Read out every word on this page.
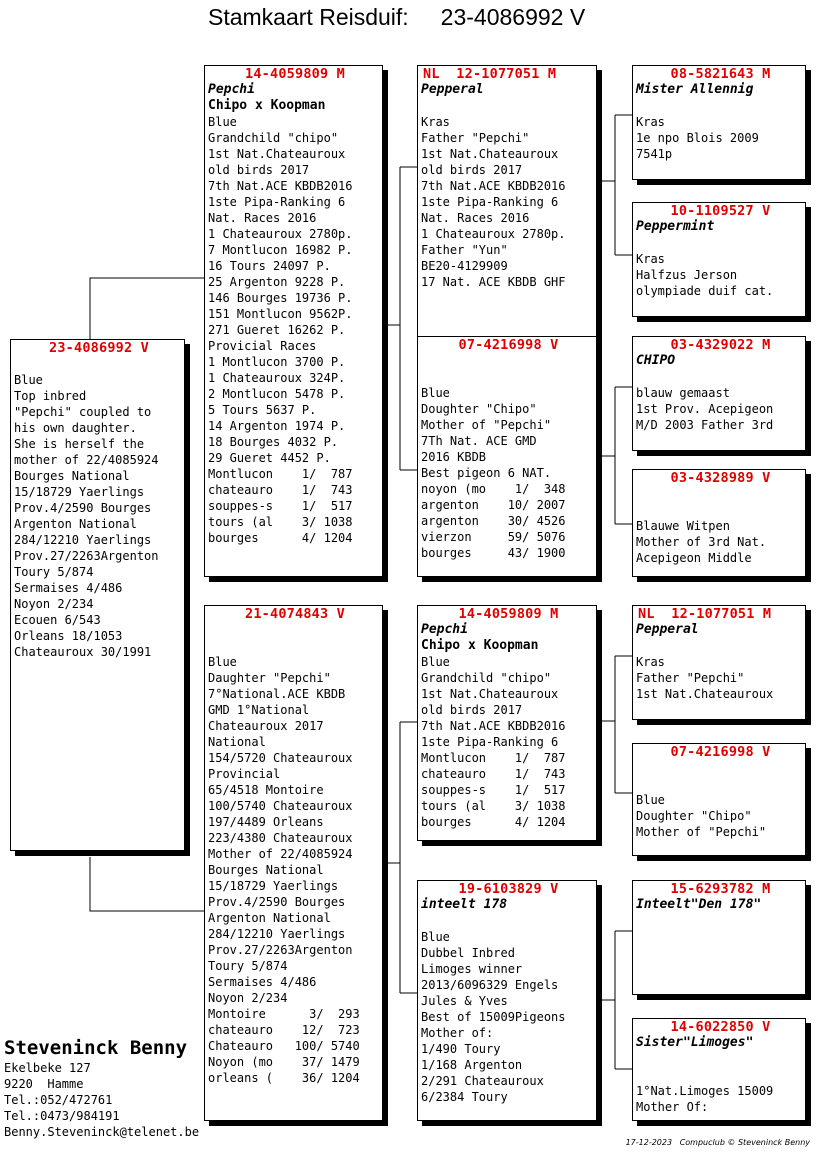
Stamkaart Reisduif: 23-4086992 V
23-4086992 V
Blue
Top inbred
"Pepchi" coupled to
his own daughter.
She is herself the
mother of 22/4085924
Bourges National
15/18729 Yaerlings
Prov.4/2590 Bourges
Argenton National
284/12210 Yaerlings
Prov.27/2263Argenton
Toury 5/874
Sermaises 4/486
Noyon 2/234
Ecouen 6/543
Orleans 18/1053
Chateauroux 30/1991
14-4059809 M
Pepchi
Chipo x Koopman
Blue
Grandchild "chipo"
1st Nat.Chateauroux
old birds 2017
7th Nat.ACE KBDB2016
1ste Pipa-Ranking 6
Nat. Races 2016
1 Chateauroux 2780p.
7 Montlucon 16982 P.
16 Tours 24097 P.
25 Argenton 9228 P.
146 Bourges 19736 P.
151 Montlucon 9562P.
271 Gueret 16262 P.
Provicial Races
1 Montlucon 3700 P.
1 Chateauroux 324P.
2 Montlucon 5478 P.
5 Tours 5637 P.
14 Argenton 1974 P.
18 Bourges 4032 P.
29 Gueret 4452 P.
Montlucon    1/  787
chateauro    1/  743
souppes-s    1/  517
tours (al    3/ 1038
bourges      4/ 1204
21-4074843 V
Blue
Daughter "Pepchi"
7°National.ACE KBDB
GMD 1°National
Chateauroux 2017
National
154/5720 Chateauroux
Provincial
65/4518 Montoire
100/5740 Chateauroux
197/4489 Orleans
223/4380 Chateauroux
Mother of 22/4085924
Bourges National
15/18729 Yaerlings
Prov.4/2590 Bourges
Argenton National
284/12210 Yaerlings
Prov.27/2263Argenton
Toury 5/874
Sermaises 4/486
Noyon 2/234
Montoire      3/  293
chateauro    12/  723
Chateauro   100/ 5740
Noyon (mo    37/ 1479
orleans (    36/ 1204
NL  12-1077051 M
Pepperal
Kras
Father "Pepchi"
1st Nat.Chateauroux
old birds 2017
7th Nat.ACE KBDB2016
1ste Pipa-Ranking 6
Nat. Races 2016
1 Chateauroux 2780p.
Father "Yun"
BE20-4129909
17 Nat. ACE KBDB GHF
07-4216998 V
Blue
Doughter "Chipo"
Mother of "Pepchi"
7Th Nat. ACE GMD
2016 KBDB
Best pigeon 6 NAT.
noyon (mo    1/  348
argenton    10/ 2007
argenton    30/ 4526
vierzon     59/ 5076
bourges     43/ 1900
14-4059809 M
Pepchi
Chipo x Koopman
Blue
Grandchild "chipo"
1st Nat.Chateauroux
old birds 2017
7th Nat.ACE KBDB2016
1ste Pipa-Ranking 6
Montlucon    1/  787
chateauro    1/  743
souppes-s    1/  517
tours (al    3/ 1038
bourges      4/ 1204
19-6103829 V
inteelt 178
Blue
Dubbel Inbred
Limoges winner
2013/6096329 Engels
Jules & Yves
Best of 15009Pigeons
Mother of:
1/490 Toury
1/168 Argenton
2/291 Chateauroux
6/2384 Toury
08-5821643 M
Mister Allennig
Kras
1e npo Blois 2009
7541p
10-1109527 V
Peppermint
Kras
Halfzus Jerson
olympiade duif cat.
03-4329022 M
CHIPO
blauw gemaast
1st Prov. Acepigeon
M/D 2003 Father 3rd
03-4328989 V
Blauwe Witpen
Mother of 3rd Nat.
Acepigeon Middle
NL  12-1077051 M
Pepperal
Kras
Father "Pepchi"
1st Nat.Chateauroux
07-4216998 V
Blue
Doughter "Chipo"
Mother of "Pepchi"
15-6293782 M
Inteelt"Den 178"
14-6022850 V
Sister"Limoges"
1°Nat.Limoges 15009
Mother Of:
Steveninck Benny
Ekelbeke 127
9220  Hamme
Tel.:052/472761
Tel.:0473/984191
Benny.Steveninck@telenet.be
17-12-2023   Compuclub © Steveninck Benny
